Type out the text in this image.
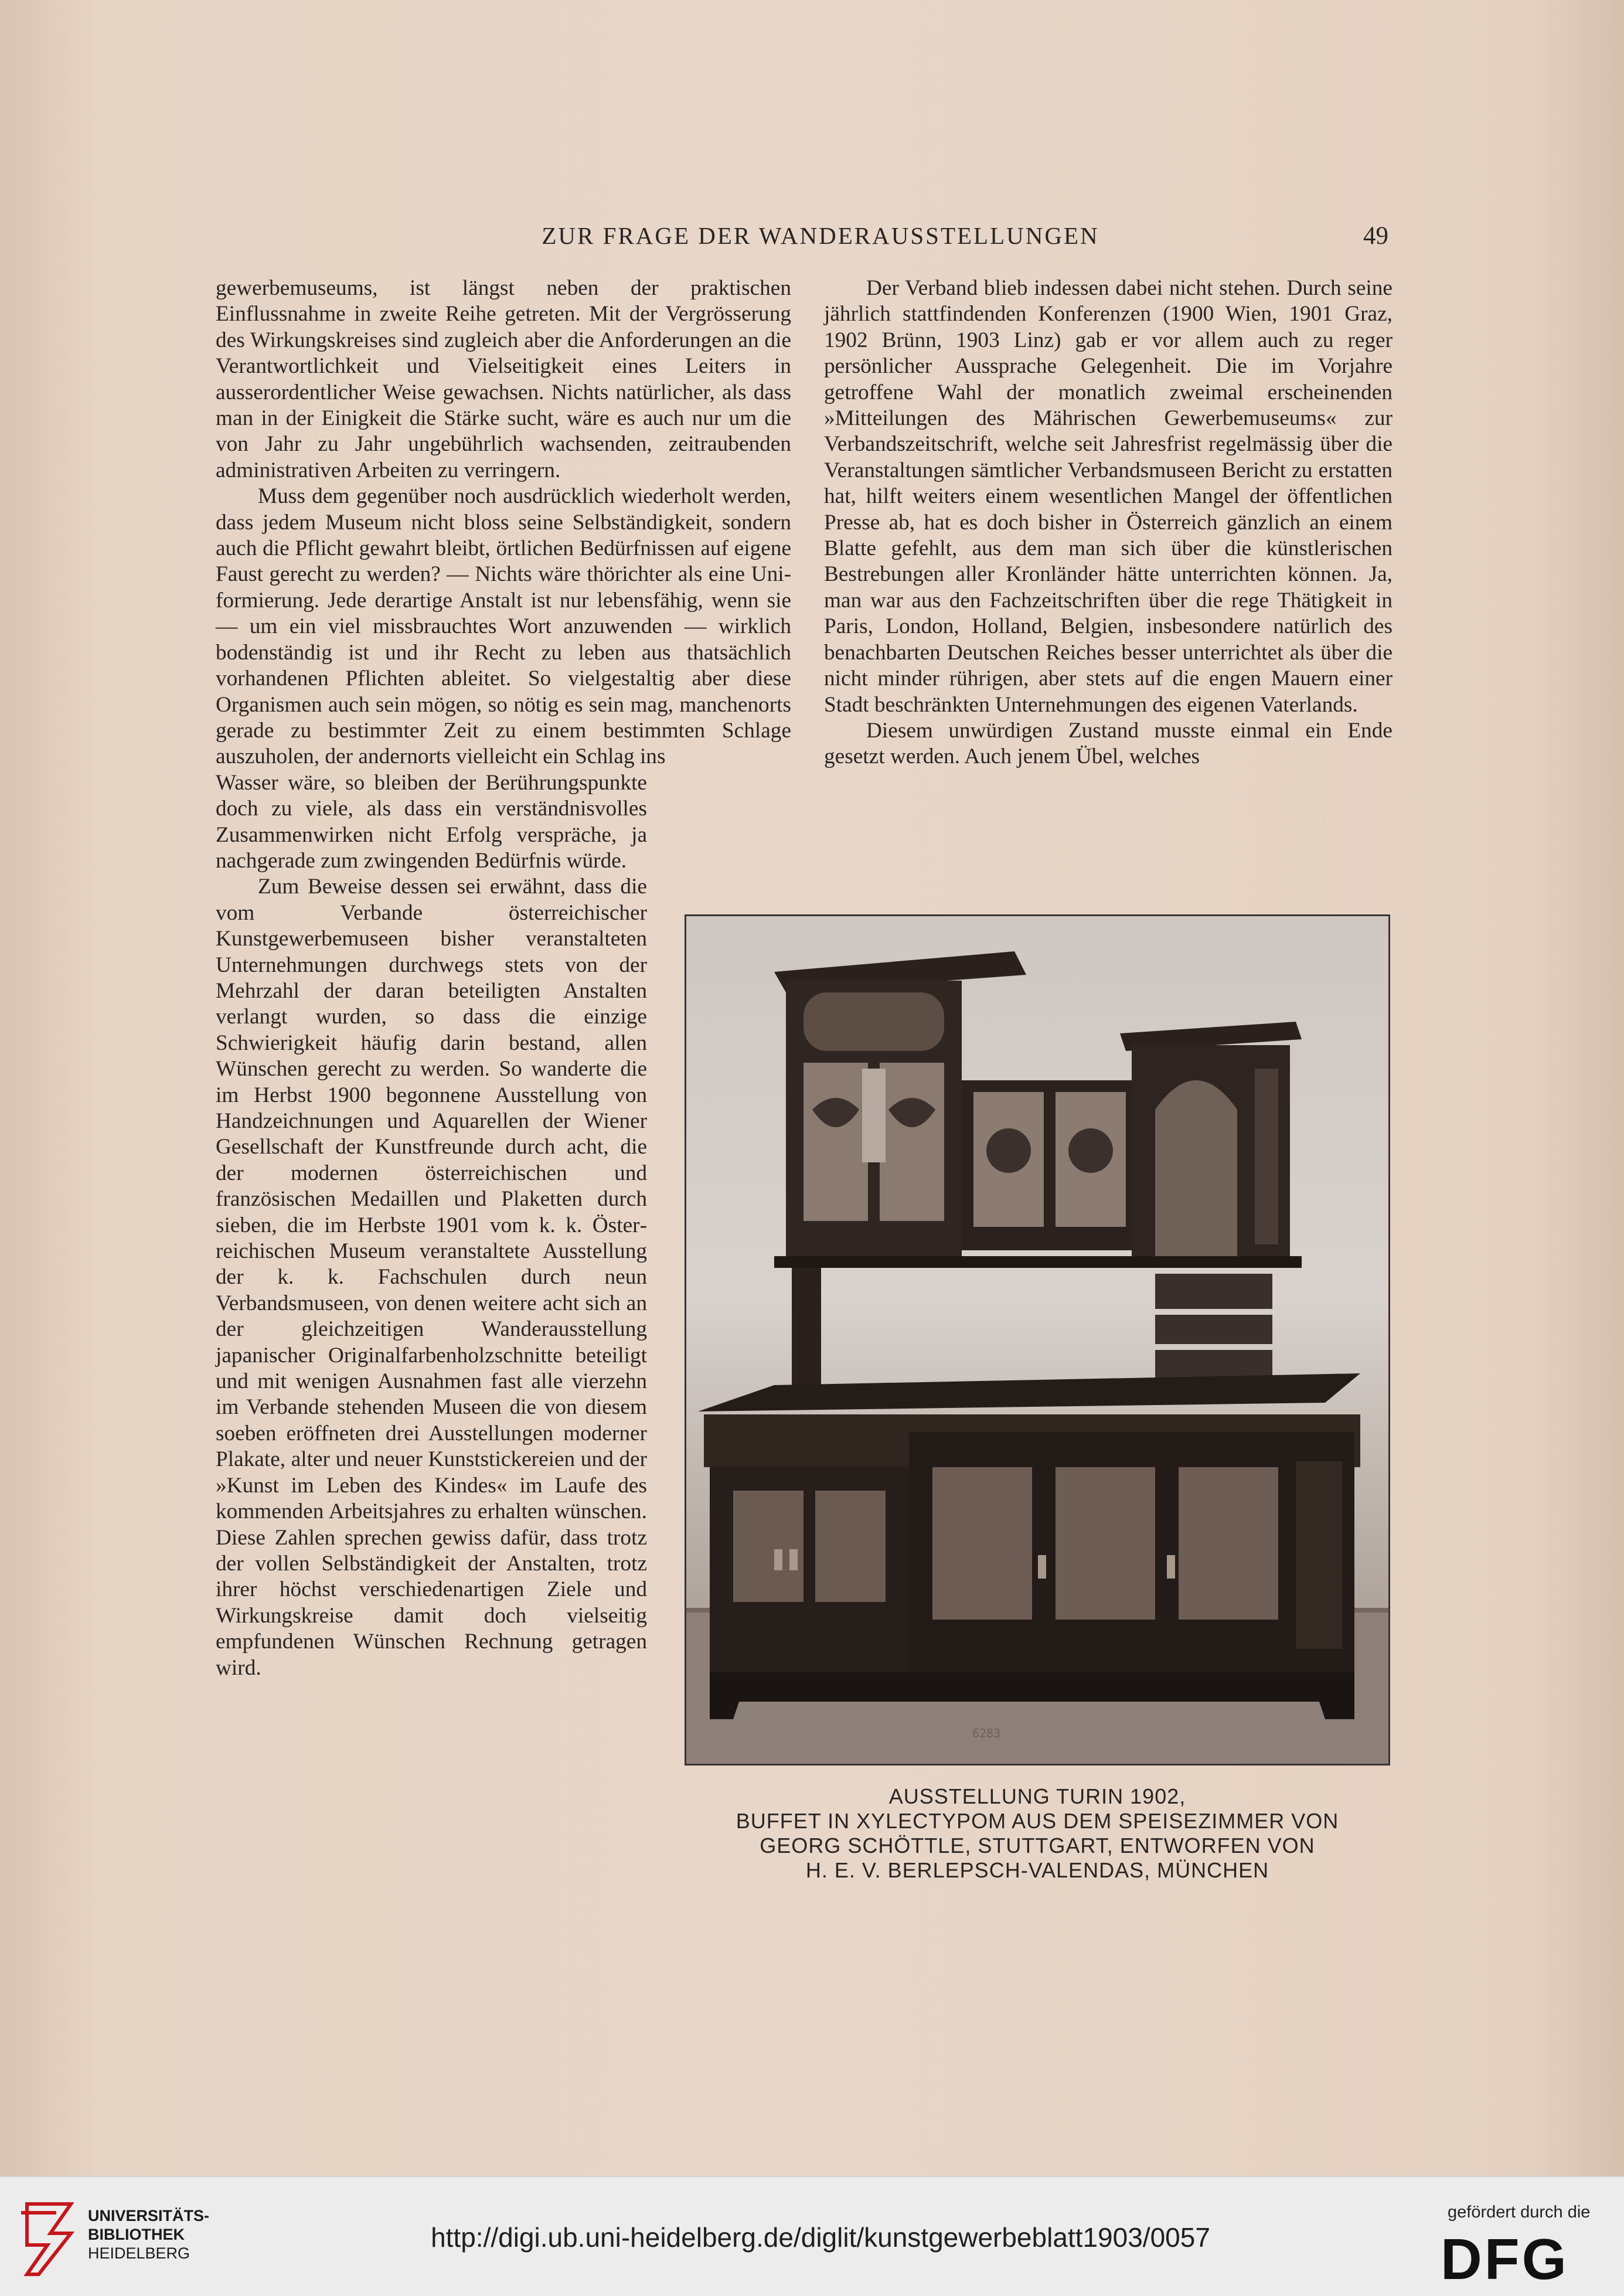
ZUR FRAGE DER WANDERAUSSTELLUNGEN	49

gewerbemuseums, ist längst neben der praktischen Einflussnahme in zweite Reihe getreten. Mit der Vergrösserung des Wirkungskreises sind zugleich aber die Anforderungen an die Verantwortlichkeit und Vielseitigkeit eines Leiters in ausserordentlicher Weise gewachsen. Nichts natürlicher, als dass man in der Einigkeit die Stärke sucht, wäre es auch nur um die von Jahr zu Jahr ungebührlich wachsenden, zeitraubenden administrativen Arbeiten zu verringern.

Muss dem gegenüber noch ausdrücklich wiederholt werden, dass jedem Museum nicht bloss seine Selbständigkeit, sondern auch die Pflicht gewahrt bleibt, örtlichen Bedürfnissen auf eigene Faust gerecht zu werden? — Nichts wäre thörichter als eine Uniformierung. Jede derartige Anstalt ist nur lebensfähig, wenn sie — um ein viel missbrauchtes Wort anzuwenden — wirklich bodenständig ist und ihr Recht zu leben aus thatsächlich vorhandenen Pflichten ableitet. So vielgestaltig aber diese Organismen auch sein mögen, so nötig es sein mag, manchenorts gerade zu bestimmter Zeit zu einem bestimmten Schlage auszuholen, der andernorts vielleicht ein Schlag ins

Wasser wäre, so bleiben der Berührungspunkte doch zu viele, als dass ein verständnisvolles Zusammenwirken nicht Erfolg verspräche, ja nachgerade zum zwingenden Bedürfnis würde.

Zum Beweise dessen sei erwähnt, dass die vom Verbande österreichischer Kunstgewerbemuseen bisher veranstalteten Unternehmungen durchwegs stets von der Mehrzahl der daran beteiligten Anstalten verlangt wurden, so dass die einzige Schwierigkeit häufig darin bestand, allen Wünschen gerecht zu werden. So wanderte die im Herbst 1900 begonnene Ausstellung von Handzeichnungen und Aquarellen der Wiener Gesellschaft der Kunstfreunde durch acht, die der modernen österreichischen und französischen Medaillen und Plaketten durch sieben, die im Herbste 1901 vom k. k. Österreichischen Museum veranstaltete Ausstellung der k. k. Fachschulen durch neun Verbandsmuseen, von denen weitere acht sich an der gleichzeitigen Wanderausstellung japanischer Originalfarbenholzschnitte beteiligt und mit wenigen Ausnahmen fast alle vierzehn im Verbande stehenden Museen die von diesem soeben eröffneten drei Ausstellungen moderner Plakate, alter und neuer Kunststickereien und der »Kunst im Leben des Kindes« im Laufe des kommenden Arbeitsjahres zu erhalten wünschen. Diese Zahlen sprechen gewiss dafür, dass trotz der vollen Selbständigkeit der Anstalten, trotz ihrer höchst verschiedenartigen Ziele und Wirkungskreise damit doch vielseitig empfundenen Wünschen Rechnung getragen wird.

Der Verband blieb indessen dabei nicht stehen. Durch seine jährlich stattfindenden Konferenzen (1900 Wien, 1901 Graz, 1902 Brünn, 1903 Linz) gab er vor allem auch zu reger persönlicher Aussprache Gelegenheit. Die im Vorjahre getroffene Wahl der monatlich zweimal erscheinenden »Mitteilungen des Mährischen Gewerbemuseums« zur Verbandszeitschrift, welche seit Jahresfrist regelmässig über die Veranstaltungen sämtlicher Verbandsmuseen Bericht zu erstatten hat, hilft weiters einem wesentlichen Mangel der öffentlichen Presse ab, hat es doch bisher in Österreich gänzlich an einem Blatte gefehlt, aus dem man sich über die künstlerischen Bestrebungen aller Kronländer hätte unterrichten können. Ja, man war aus den Fachzeitschriften über die rege Thätigkeit in Paris, London, Holland, Belgien, insbesondere natürlich des benachbarten Deutschen Reiches besser unterrichtet als über die nicht minder rührigen, aber stets auf die engen Mauern einer Stadt beschränkten Unternehmungen des eigenen Vaterlands.

Diesem unwürdigen Zustand musste einmal ein Ende gesetzt werden. Auch jenem Übel, welches

6283
AUSSTELLUNG TURIN 1902,
BUFFET IN XYLECTYPOM AUS DEM SPEISEZIMMER VON
GEORG SCHÖTTLE, STUTTGART, ENTWORFEN VON
H. E. V. BERLEPSCH-VALENDAS, MÜNCHEN
UNIVERSITÄTS-
BIBLIOTHEK
HEIDELBERG
http://digi.ub.uni-heidelberg.de/diglit/kunstgewerbeblatt1903/0057
gefördert durch die
DFG
